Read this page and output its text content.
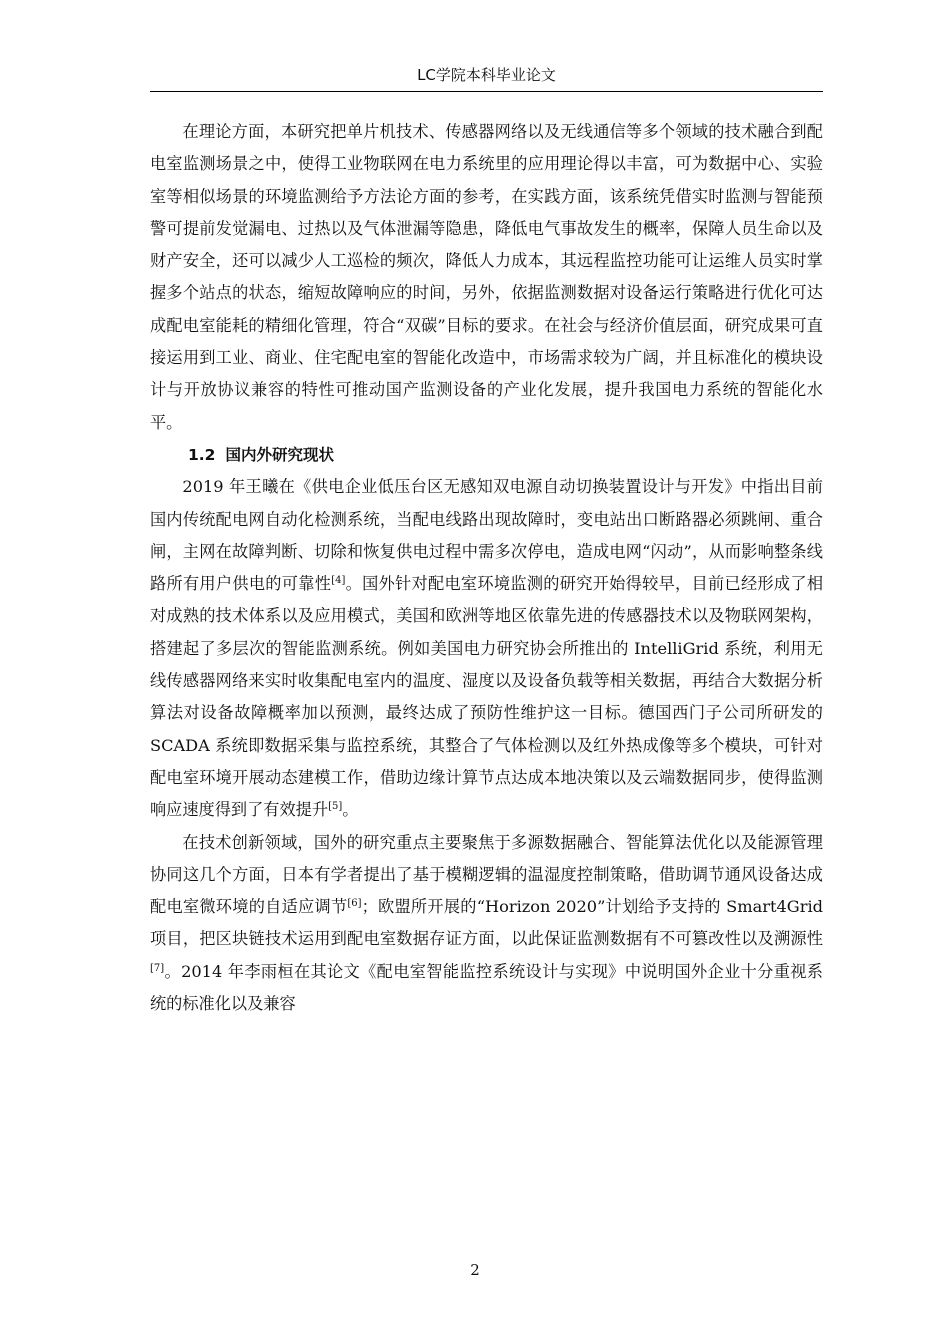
LC学院本科毕业论文

在理论方面，本研究把单片机技术、传感器网络以及无线通信等多个领域的技术融合到配电室监测场景之中，使得工业物联网在电力系统里的应用理论得以丰富，可为数据中心、实验室等相似场景的环境监测给予方法论方面的参考，在实践方面，该系统凭借实时监测与智能预警可提前发觉漏电、过热以及气体泄漏等隐患，降低电气事故发生的概率，保障人员生命以及财产安全，还可以减少人工巡检的频次，降低人力成本，其远程监控功能可让运维人员实时掌握多个站点的状态，缩短故障响应的时间，另外，依据监测数据对设备运行策略进行优化可达成配电室能耗的精细化管理，符合“双碳”目标的要求。在社会与经济价值层面，研究成果可直接运用到工业、商业、住宅配电室的智能化改造中，市场需求较为广阔，并且标准化的模块设计与开放协议兼容的特性可推动国产监测设备的产业化发展，提升我国电力系统的智能化水平。

1.2 国内外研究现状

2019 年王曦在《供电企业低压台区无感知双电源自动切换装置设计与开发》中指出目前国内传统配电网自动化检测系统，当配电线路出现故障时，变电站出口断路器必须跳闸、重合闸，主网在故障判断、切除和恢复供电过程中需多次停电，造成电网“闪动”，从而影响整条线路所有用户供电的可靠性[4]。国外针对配电室环境监测的研究开始得较早，目前已经形成了相对成熟的技术体系以及应用模式，美国和欧洲等地区依靠先进的传感器技术以及物联网架构，搭建起了多层次的智能监测系统。例如美国电力研究协会所推出的 IntelliGrid 系统，利用无线传感器网络来实时收集配电室内的温度、湿度以及设备负载等相关数据，再结合大数据分析算法对设备故障概率加以预测，最终达成了预防性维护这一目标。德国西门子公司所研发的 SCADA 系统即数据采集与监控系统，其整合了气体检测以及红外热成像等多个模块，可针对配电室环境开展动态建模工作，借助边缘计算节点达成本地决策以及云端数据同步，使得监测响应速度得到了有效提升[5]。

在技术创新领域，国外的研究重点主要聚焦于多源数据融合、智能算法优化以及能源管理协同这几个方面，日本有学者提出了基于模糊逻辑的温湿度控制策略，借助调节通风设备达成配电室微环境的自适应调节[6]；欧盟所开展的“Horizon 2020”计划给予支持的 Smart4Grid 项目，把区块链技术运用到配电室数据存证方面，以此保证监测数据有不可篡改性以及溯源性[7]。2014 年李雨桓在其论文《配电室智能监控系统设计与实现》中说明国外企业十分重视系统的标准化以及兼容

2
